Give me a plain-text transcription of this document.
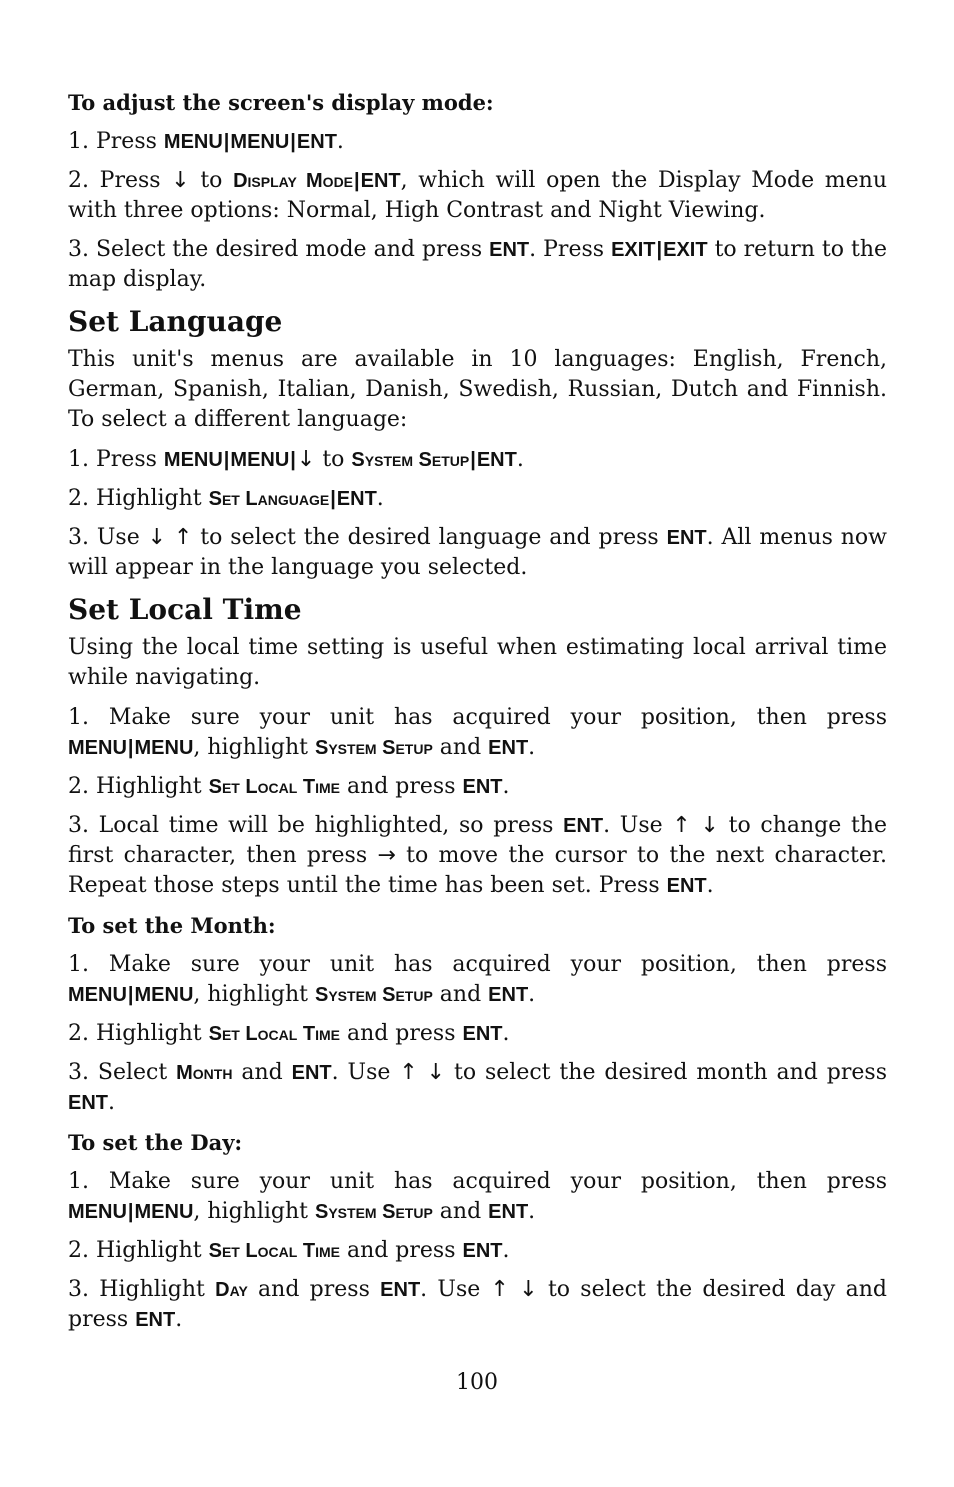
To adjust the screen's display mode:

1. Press MENU|MENU|ENT.

2. Press ↓ to Display Mode|ENT, which will open the Display Mode menu with three options: Normal, High Contrast and Night Viewing.

3. Select the desired mode and press ENT. Press EXIT|EXIT to return to the map display.

Set Language

This unit's menus are available in 10 languages: English, French, German, Spanish, Italian, Danish, Swedish, Russian, Dutch and Finnish. To select a different language:

1. Press MENU|MENU|↓ to System Setup|ENT.

2. Highlight Set Language|ENT.

3. Use ↓ ↑ to select the desired language and press ENT. All menus now will appear in the language you selected.

Set Local Time

Using the local time setting is useful when estimating local arrival time while navigating.

1. Make sure your unit has acquired your position, then press MENU|MENU, highlight System Setup and ENT.

2. Highlight Set Local Time and press ENT.

3. Local time will be highlighted, so press ENT. Use ↑ ↓ to change the first character, then press → to move the cursor to the next character. Repeat those steps until the time has been set. Press ENT.

To set the Month:

1. Make sure your unit has acquired your position, then press MENU|MENU, highlight System Setup and ENT.

2. Highlight Set Local Time and press ENT.

3. Select Month and ENT. Use ↑ ↓ to select the desired month and press ENT.

To set the Day:

1. Make sure your unit has acquired your position, then press MENU|MENU, highlight System Setup and ENT.

2. Highlight Set Local Time and press ENT.

3. Highlight Day and press ENT. Use ↑ ↓ to select the desired day and press ENT.

100
